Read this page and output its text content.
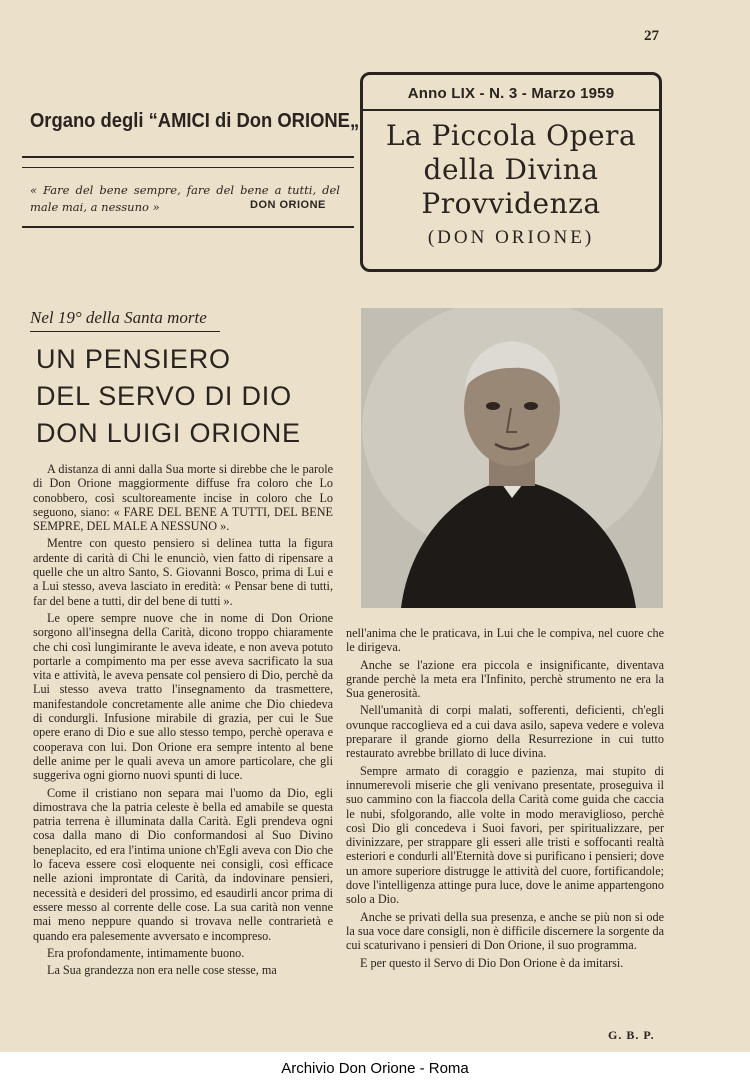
27
Anno LIX - N. 3 - Marzo 1959
La Piccola Opera
della Divina
Provvidenza
(DON ORIONE)
Organo degli “AMICI di Don ORIONE„
« Fare del bene sempre, fare del bene a tutti, del male mai, a nessuno »	DON ORIONE
Nel 19° della Santa morte
UN PENSIERO
DEL SERVO DI DIO
DON LUIGI ORIONE

A distanza di anni dalla Sua morte si direbbe che le parole di Don Orione maggiormente diffuse fra coloro che Lo conobbero, così scultoreamente incise in coloro che Lo seguono, siano: « FARE DEL BENE A TUTTI, DEL BENE SEMPRE, DEL MALE A NESSUNO ».

Mentre con questo pensiero si delinea tutta la figura ardente di carità di Chi le enunciò, vien fatto di ripensare a quelle che un altro Santo, S. Giovanni Bosco, prima di Lui e a Lui stesso, aveva lasciato in eredità: « Pensar bene di tutti, far del bene a tutti, dir del bene di tutti ».

Le opere sempre nuove che in nome di Don Orione sorgono all'insegna della Carità, dicono troppo chiaramente che chi così lungimirante le aveva ideate, e non aveva potuto portarle a compimento ma per esse aveva sacrificato la sua vita e attività, le aveva pensate col pensiero di Dio, perchè da Lui stesso aveva tratto l'insegnamento da trasmettere, manifestandole concretamente alle anime che Dio chiedeva di condurgli. Infusione mirabile di grazia, per cui le Sue opere erano di Dio e sue allo stesso tempo, perchè operava e cooperava con lui. Don Orione era sempre intento al bene delle anime per le quali aveva un amore particolare, che gli suggeriva ogni giorno nuovi spunti di luce.

Come il cristiano non separa mai l'uomo da Dio, egli dimostrava che la patria celeste è bella ed amabile se questa patria terrena è illuminata dalla Carità. Egli prendeva ogni cosa dalla mano di Dio conformandosi al Suo Divino beneplacito, ed era l'intima unione ch'Egli aveva con Dio che lo faceva essere così eloquente nei consigli, così efficace nelle azioni improntate di Carità, da indovinare pensieri, necessità e desideri del prossimo, ed esaudirli ancor prima di essere messo al corrente delle cose. La sua carità non venne mai meno neppure quando si trovava nelle contrarietà e quando era palesemente avversato e incompreso.

Era profondamente, intimamente buono.

La Sua grandezza non era nelle cose stesse, ma

nell'anima che le praticava, in Lui che le compiva, nel cuore che le dirigeva.

Anche se l'azione era piccola e insignificante, diventava grande perchè la meta era l'Infinito, perchè strumento ne era la Sua generosità.

Nell'umanità di corpi malati, sofferenti, deficienti, ch'egli ovunque raccoglieva ed a cui dava asilo, sapeva vedere e voleva preparare il grande giorno della Resurrezione in cui tutto restaurato avrebbe brillato di luce divina.

Sempre armato di coraggio e pazienza, mai stupito di innumerevoli miserie che gli venivano presentate, proseguiva il suo cammino con la fiaccola della Carità come guida che caccia le nubi, sfolgorando, alle volte in modo meraviglioso, perchè così Dio gli concedeva i Suoi favori, per spiritualizzare, per divinizzare, per strappare gli esseri alle tristi e soffocanti realtà esteriori e condurli all'Eternità dove si purificano i pensieri; dove un amore superiore distrugge le attività del cuore, fortificandole; dove l'intelligenza attinge pura luce, dove le anime appartengono solo a Dio.

Anche se privati della sua presenza, e anche se più non si ode la sua voce dare consigli, non è difficile discernere la sorgente da cui scaturivano i pensieri di Don Orione, il suo programma.

E per questo il Servo di Dio Don Orione è da imitarsi.

G. B. P.
Archivio Don Orione - Roma
